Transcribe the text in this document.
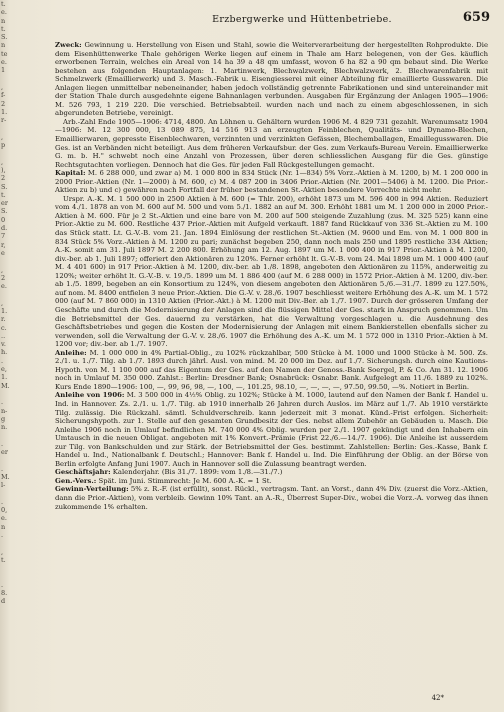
t.
e.
n
t.
S.
n
te
e.
1

,
f-
2
1.
r-

,
p

,
),
2
S.
t.
er
S.
0
d.
7
r,
e

,
2
e.

,
1.
r.
c.
..
v.
h.
.
e,
1.
M.

.
n-
g
n.

.
er

.
M.
l-

.
0,
e.
n
.

,
t.

.
8.
d
Erzbergwerke und Hüttenbetriebe.	659

Zweck: Gewinnung u. Herstellung von Eisen und Stahl, sowie die Weiterverarbeitung der hergestellten Rohprodukte. Die dem Eisenhüttenwerke Thale gehörigen Werke liegen auf einem in Thale am Harz belegenen, von der Ges. käuflich erworbenen Terrain, welches ein Areal von 14 ha 39 a 48 qm umfasst, wovon 6 ha 82 a 90 qm bebaut sind. Die Werke bestehen aus folgenden Hauptanlagen: 1. Martinwerk, Blechwalzwerk, Blechwalzwerk, 2. Blechwarenfabrik mit Schmelzwerk (Emaillierwerk) und 3. Masch.-Fabrik u. Eisengiesserei mit einer Abteilung für emaillierte Gusswaren. Die Anlagen liegen unmittelbar nebeneinander, haben jedoch vollständig getrennte Fabrikationen und sind untereinander mit der Station Thale durch ausgedehnte eigene Bahnanlagen verbunden. Ausgaben für Ergänzung der Anlagen 1905—1906: M. 526 793, 1 219 220. Die verschied. Betriebsabteil. wurden nach und nach zu einem abgeschlossenen, in sich abgerundeten Betriebe, vereinigt.

Arb.-Zahl Ende 1905—1906: 4714, 4800. An Löhnen u. Gehältern wurden 1906 M. 4 829 731 gezahlt. Warenumsatz 1904—1906: M. 12 300 000, 13 089 875, 14 516 913 an erzeugten Feinblechen, Qualitäts- und Dynamo-Blechen, Emaillierwaren, gepresste Eisenblechwaren, verzinnten und verzinkten Gefässen, Blechemballagen, Emaillegusswaren. Die Ges. ist an Verbänden nicht beteiligt. Aus dem früheren Verkaufsbur. der Ges. zum Verkaufs-Bureau Verein. Emaillierwerke G. m. b. H." schwebt noch eine Anzahl von Prozessen, über deren schliesslichen Ausgang für die Ges. günstige Rechtsgutachten vorliegen. Dennoch hat die Ges. für jeden Fall Rückgestellungen gemacht.

Kapital: M. 6 288 000, und zwar a) M. 1 000 800 in 834 Stück (Nr. 1—834) 5% Vorz.-Aktien à M. 1200, b) M. 1 200 000 in 2000 Prior.-Aktien (Nr. 1—2000) à M. 600, c) M. 4 087 200 in 3406 Prior.-Aktien (Nr. 2001—5406) à M. 1200. Die Prior.-Aktien zu b) und c) gewähren nach Fortfall der früher bestandenen St.-Aktien besondere Vorrechte nicht mehr.

Urspr. A.-K. M. 1 500 000 in 2500 Aktien à M. 600 (= Thlr. 200), erhöht 1873 um M. 596 400 in 994 Aktien. Reduziert vom 4./1. 1878 an von M. 600 auf M. 500 und vom 5./1. 1882 an auf M. 300. Erhöht 1881 um M. 1 200 000 in 2000 Prior.-Aktien à M. 600. Für je 2 St.-Aktien und eine bare von M. 200 auf 500 steigende Zuzahlung (zus. M. 325 525) kann eine Prior.-Aktie zu M. 600. Restliche 437 Prior.-Aktien mit Aufgeld verkauft. 1887 fand Rückkauf von 336 St.-Aktien zu M. 100 das Stück statt. Lt. G.-V.-B. vom 21. Jan. 1894 Einlösung der restlichen St.-Aktien (M. 9600 und Em. von M. 1 000 800 in 834 Stück 5% Vorz.-Aktien à M. 1200 zu pari; zunächst begeben 250, dann noch mals 250 und 1895 restliche 334 Aktien; A.-K. somit am 31. Juli 1897 M. 2 200 800. Erhöhung am 12. Aug. 1897 um M. 1 000 400 in 917 Prior.-Aktien à M. 1200, div.-ber. ab 1. Juli 1897; offeriert den Aktionären zu 120%. Ferner erhöht lt. G.-V.-B. vom 24. Mai 1898 um M. 1 000 400 (auf M. 4 401 600) in 917 Prior.-Aktien à M. 1200, div.-ber. ab 1./8. 1898, angeboten den Aktionären zu 115%, anderweitig zu 120%; weiter erhöht lt. G.-V.-B. v. 19./5. 1899 um M. 1 886 400 (auf M. 6 288 000) in 1572 Prior.-Aktien à M. 1200, div.-ber. ab 1./5. 1899, begeben an ein Konsortium zu 124%, von diesem angeboten den Aktionären 5./6.—31./7. 1899 zu 127.50%, auf nom. M. 8400 entfielen 3 neue Prior.-Aktien. Die G.-V. v. 28./6. 1907 beschliesst weitere Erhöhung des A.-K. um M. 1 572 000 (auf M. 7 860 000) in 1310 Aktien (Prior.-Akt.) à M. 1200 mit Div.-Ber. ab 1./7. 1907. Durch der grösseren Umfang der Geschäfte und durch die Modernisierung der Anlagen sind die flüssigen Mittel der Ges. stark in Anspruch genommen. Um die Betriebsmittel der Ges. dauernd zu verstärken, hat die Verwaltung vorgeschlagen u. die Ausdehnung des Geschäftsbetriebes und gegen die Kosten der Modernisierung der Anlagen mit einem Bankierstellen ebenfalls sicher zu verwenden, soll die Verwaltung der G.-V. v. 28./6. 1907 die Erhöhung des A.-K. um M. 1 572 000 in 1310 Prior.-Aktien à M. 1200 vor; div.-ber. ab 1./7. 1907.

Anleihe: M. 1 000 000 in 4% Partial-Oblig., zu 102% rückzahlbar, 500 Stücke à M. 1000 und 1000 Stücke à M. 500. Zs. 2./1. u. 1./7. Tilg. ab 1./7. 1893 durch jährl. Ausl. von mind. M. 20 000 im Dez. auf 1./7. Sicherungsh. durch eine Kautions-Hypoth. von M. 1 100 000 auf das Eigentum der Ges. auf den Namen der Genoss.-Bank Soergel, P. & Co. Am 31. 12. 1906 noch in Umlauf M. 350 000. Zahlst.: Berlin: Dresdner Bank; Osnabrück: Osnabr. Bank. Aufgelegt am 11./6. 1889 zu 102%. Kurs Ende 1890—1906: 100, —, 99, 96, 98, —, 100, —, 101.25, 98.10, —, —, —, —, 97.50, 99.50, —%. Notiert in Berlin.

Anleihe von 1906: M. 3 500 000 in 4½% Oblig. zu 102%; Stücke à M. 1000, lautend auf den Namen der Bank f. Handel u. Ind. in Hannover. Zs. 2./1. u. 1./7. Tilg. ab 1910 innerhalb 26 Jahren durch Auslos. im März auf 1./7. Ab 1910 verstärkte Tilg. zulässig. Die Rückzahl. sämtl. Schuldverschreib. kann jederzeit mit 3 monat. Künd.-Frist erfolgen. Sicherheit: Sicherungshypoth. zur 1. Stelle auf den gesamten Grundbesitz der Ges. nebst allem Zubehör an Gebäuden u. Masch. Die Anleihe 1906 noch in Umlauf befindlichen M. 740 000 4% Oblig. wurden per 2./1. 1907 gekündigt und den Inhabern ein Umtausch in die neuen Obligat. angeboten mit 1% Konvert.-Prämie (Frist 22./6.—14./7. 1906). Die Anleihe ist ausserdem zur Tilg. von Bankschulden und zur Stärk. der Betriebsmittel der Ges. bestimmt. Zahlstellen: Berlin: Ges.-Kasse, Bank f. Handel u. Ind., Nationalbank f. Deutschl.; Hannover: Bank f. Handel u. Ind. Die Einführung der Oblig. an der Börse von Berlin erfolgte Anfang Juni 1907. Auch in Hannover soll die Zulassung beantragt werden.

Geschäftsjahr: Kalenderjahr. (Bis 31./7. 1899: vom 1./8.—31./7.)

Gen.-Vers.: Spät. im Juni. Stimmrecht: Je M. 600 A.-K. = 1 St.

Gewinn-Verteilung: 5% z. R.-F. (ist erfüllt), sonst. Rückl., vertragsm. Tant. an Vorst., dann 4% Div. (zuerst die Vorz.-Aktien, dann die Prior.-Aktien), vom verbleib. Gewinn 10% Tant. an A.-R., Überrest Super-Div., wobei die Vorz.-A. vorweg das ihnen zukommende 1% erhalten.

42*
